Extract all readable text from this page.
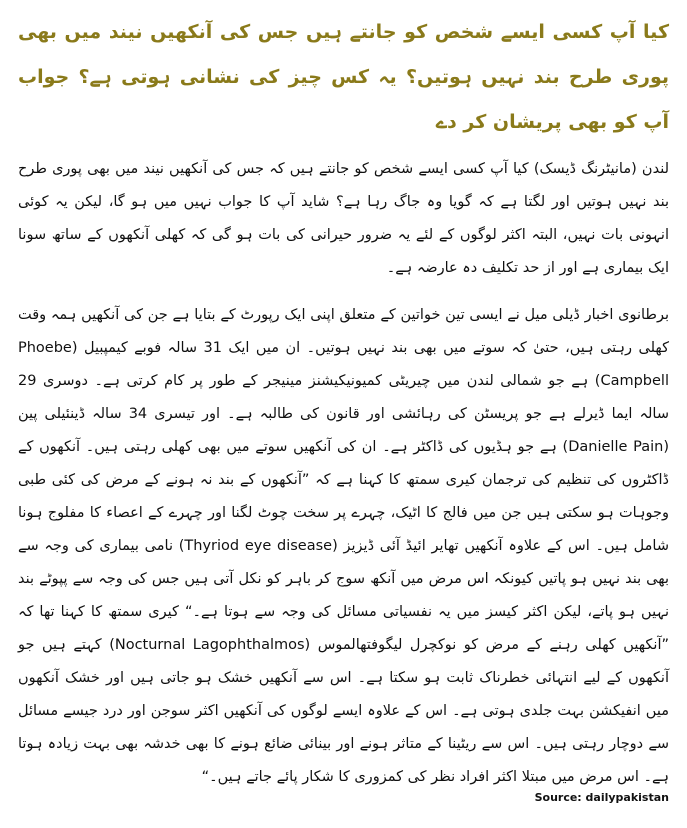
کیا آپ کسی ایسے شخص کو جانتے ہیں جس کی آنکھیں نیند میں بھی پوری طرح بند نہیں ہوتیں؟ یہ کس چیز کی نشانی ہوتی ہے؟ جواب آپ کو بھی پریشان کر دے

لندن (مانیٹرنگ ڈیسک) کیا آپ کسی ایسے شخص کو جانتے ہیں کہ جس کی آنکھیں نیند میں بھی پوری طرح بند نہیں ہوتیں اور لگتا ہے کہ گویا وہ جاگ رہا ہے؟ شاید آپ کا جواب نہیں میں ہو گا، لیکن یہ کوئی انہونی بات نہیں، البتہ اکثر لوگوں کے لئے یہ ضرور حیرانی کی بات ہو گی کہ کھلی آنکھوں کے ساتھ سونا ایک بیماری ہے اور از حد تکلیف دہ عارضہ ہے۔

برطانوی اخبار ڈیلی میل نے ایسی تین خواتین کے متعلق اپنی ایک رپورٹ کے بتایا ہے جن کی آنکھیں ہمہ وقت کھلی رہتی ہیں، حتیٰ کہ سوتے میں بھی بند نہیں ہوتیں۔ ان میں ایک 31 سالہ فوبے کیمپبیل (Phoebe Campbell) ہے جو شمالی لندن میں چیریٹی کمیونیکیشنز مینیجر کے طور پر کام کرتی ہے۔ دوسری 29 سالہ ایما ڈیرلے ہے جو پریسٹن کی رہائشی اور قانون کی طالبہ ہے۔ اور تیسری 34 سالہ ڈینئیلی پین (Danielle Pain) ہے جو ہڈیوں کی ڈاکٹر ہے۔ ان کی آنکھیں سوتے میں بھی کھلی رہتی ہیں۔ آنکھوں کے ڈاکٹروں کی تنظیم کی ترجمان کیری سمتھ کا کہنا ہے کہ ”آنکھوں کے بند نہ ہونے کے مرض کی کئی طبی وجوہات ہو سکتی ہیں جن میں فالج کا اٹیک، چہرے پر سخت چوٹ لگنا اور چہرے کے اعصاء کا مفلوج ہونا شامل ہیں۔ اس کے علاوہ آنکھیں تھایر ائیڈ آئی ڈیزیز (Thyriod eye disease) نامی بیماری کی وجہ سے بھی بند نہیں ہو پاتیں کیونکہ اس مرض میں آنکھ سوج کر باہر کو نکل آتی ہیں جس کی وجہ سے پپوٹے بند نہیں ہو پاتے، لیکن اکثر کیسز میں یہ نفسیاتی مسائل کی وجہ سے ہوتا ہے۔“ کیری سمتھ کا کہنا تھا کہ ”آنکھیں کھلی رہنے کے مرض کو نوکچرل لیگوفتھالموس (Nocturnal Lagophthalmos) کہتے ہیں جو آنکھوں کے لیے انتہائی خطرناک ثابت ہو سکتا ہے۔ اس سے آنکھیں خشک ہو جاتی ہیں اور خشک آنکھوں میں انفیکشن بہت جلدی ہوتی ہے۔ اس کے علاوہ ایسے لوگوں کی آنکھیں اکثر سوجن اور درد جیسے مسائل سے دوچار رہتی ہیں۔ اس سے ریٹینا کے متاثر ہونے اور بینائی ضائع ہونے کا بھی خدشہ بھی بہت زیادہ ہوتا ہے۔ اس مرض میں مبتلا اکثر افراد نظر کی کمزوری کا شکار پائے جاتے ہیں۔“

Source: dailypakistan
